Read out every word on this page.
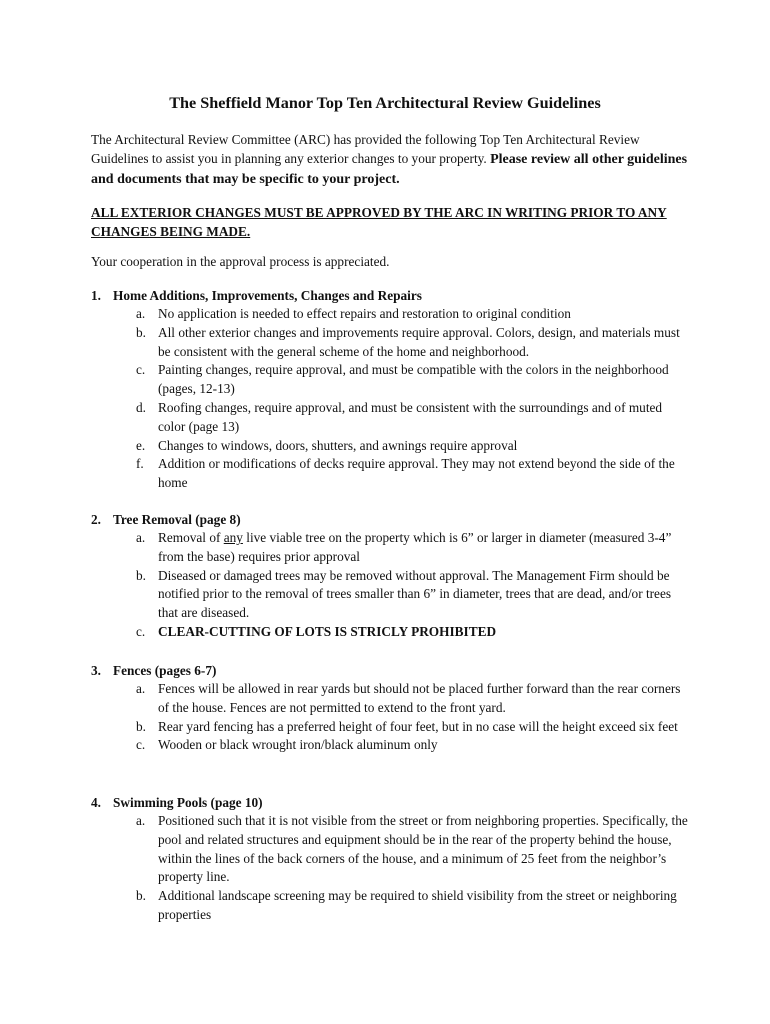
The Sheffield Manor Top Ten Architectural Review Guidelines
The Architectural Review Committee (ARC) has provided the following Top Ten Architectural Review Guidelines to assist you in planning any exterior changes to your property. Please review all other guidelines and documents that may be specific to your project.
ALL EXTERIOR CHANGES MUST BE APPROVED BY THE ARC IN WRITING PRIOR TO ANY CHANGES BEING MADE.
Your cooperation in the approval process is appreciated.
1. Home Additions, Improvements, Changes and Repairs
a. No application is needed to effect repairs and restoration to original condition
b. All other exterior changes and improvements require approval. Colors, design, and materials must be consistent with the general scheme of the home and neighborhood.
c. Painting changes, require approval, and must be compatible with the colors in the neighborhood (pages, 12-13)
d. Roofing changes, require approval, and must be consistent with the surroundings and of muted color (page 13)
e. Changes to windows, doors, shutters, and awnings require approval
f. Addition or modifications of decks require approval. They may not extend beyond the side of the home
2. Tree Removal (page 8)
a. Removal of any live viable tree on the property which is 6” or larger in diameter (measured 3-4” from the base) requires prior approval
b. Diseased or damaged trees may be removed without approval. The Management Firm should be notified prior to the removal of trees smaller than 6” in diameter, trees that are dead, and/or trees that are diseased.
c. CLEAR-CUTTING OF LOTS IS STRICLY PROHIBITED
3. Fences (pages 6-7)
a. Fences will be allowed in rear yards but should not be placed further forward than the rear corners of the house. Fences are not permitted to extend to the front yard.
b. Rear yard fencing has a preferred height of four feet, but in no case will the height exceed six feet
c. Wooden or black wrought iron/black aluminum only
4. Swimming Pools (page 10)
a. Positioned such that it is not visible from the street or from neighboring properties. Specifically, the pool and related structures and equipment should be in the rear of the property behind the house, within the lines of the back corners of the house, and a minimum of 25 feet from the neighbor’s property line.
b. Additional landscape screening may be required to shield visibility from the street or neighboring properties
